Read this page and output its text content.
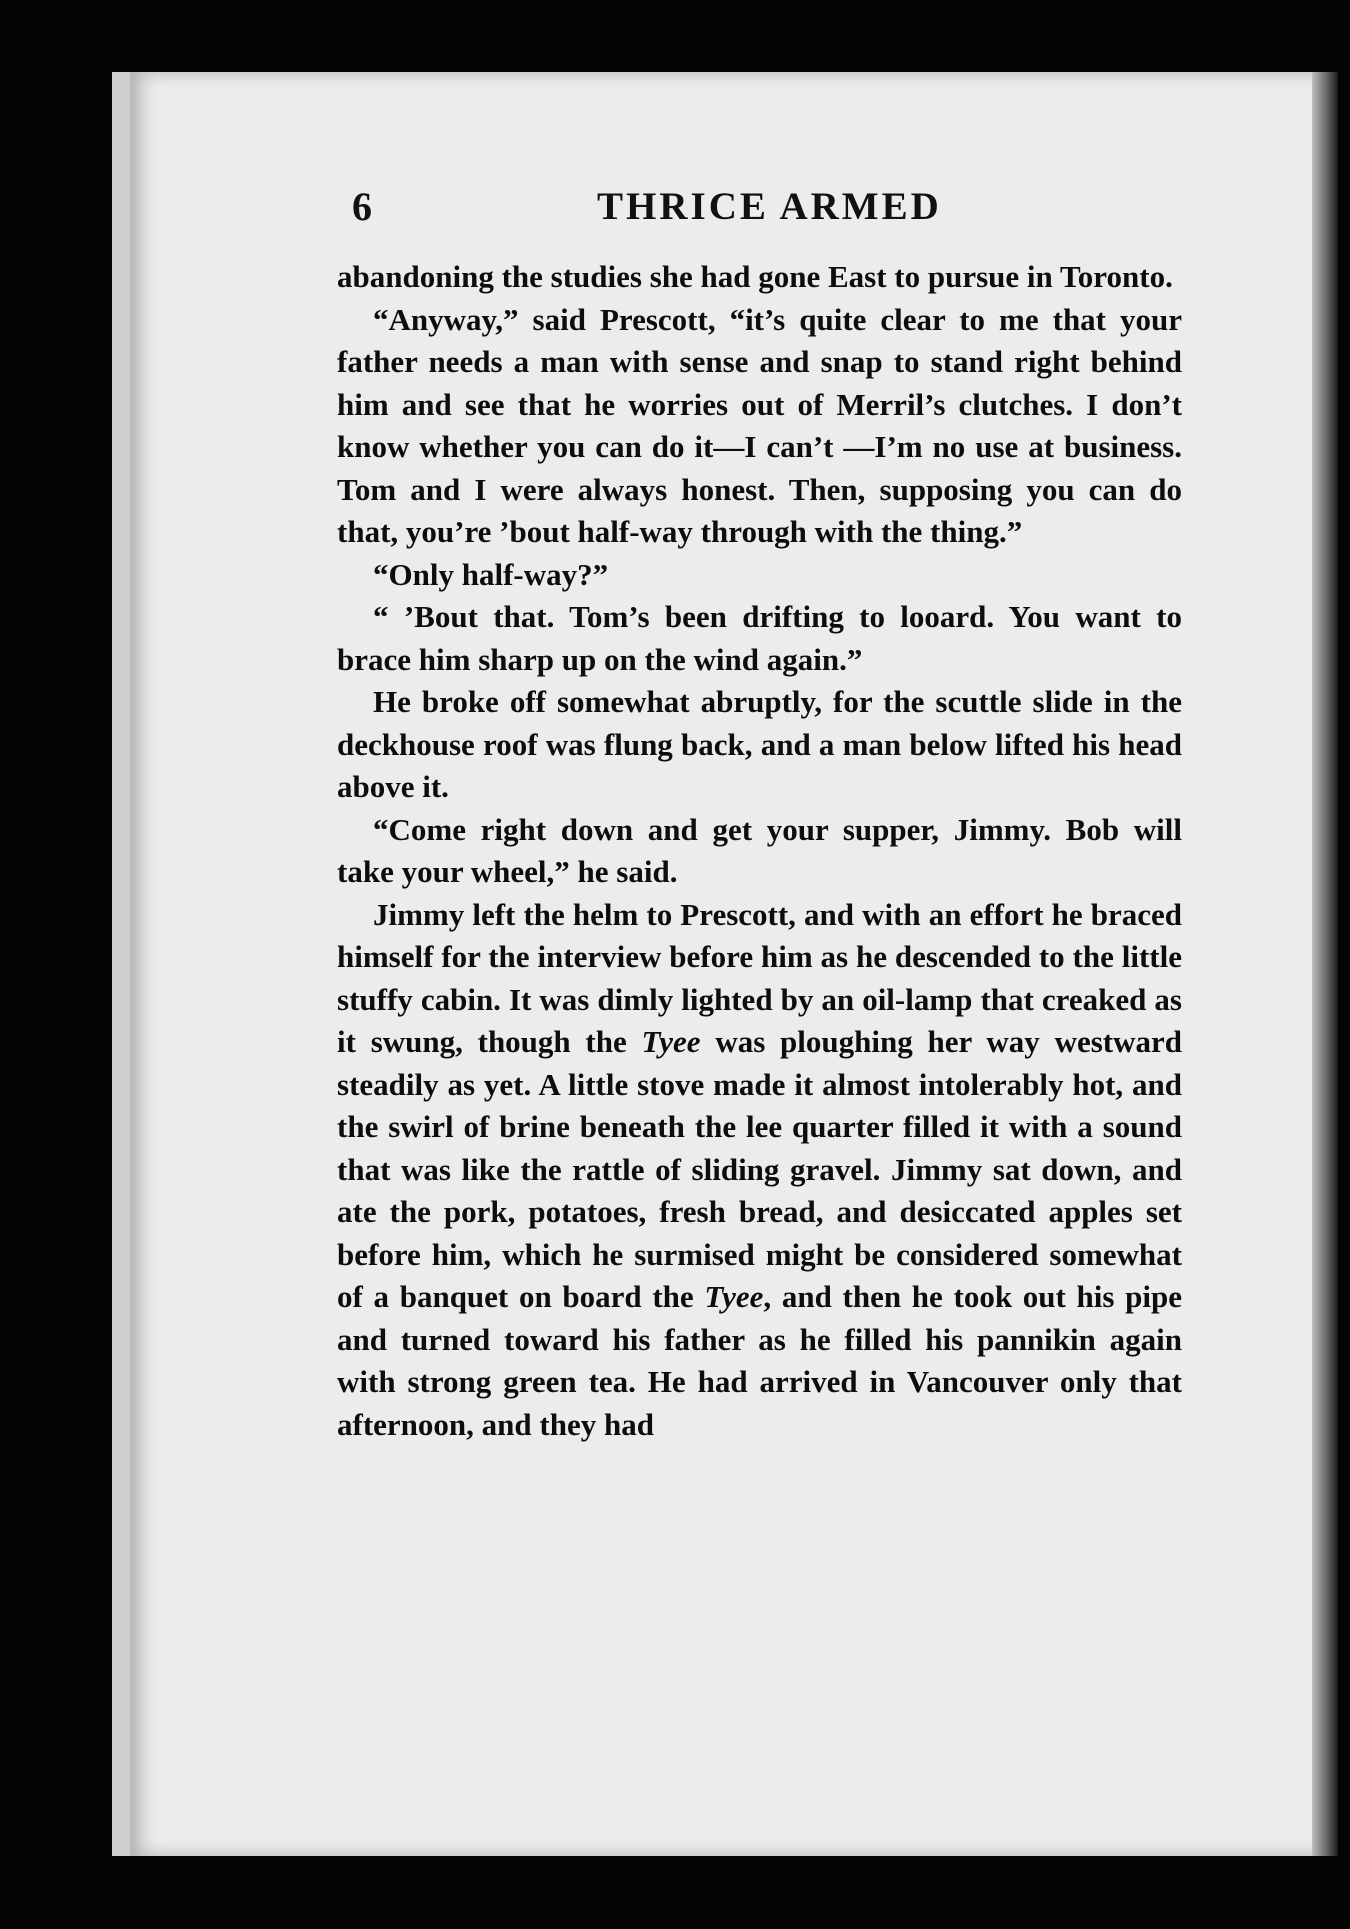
6	THRICE ARMED

abandoning the studies she had gone East to pursue in Toronto.

“Anyway,” said Prescott, “it’s quite clear to me that your father needs a man with sense and snap to stand right behind him and see that he worries out of Merril’s clutches. I don’t know whether you can do it—I can’t —I’m no use at business. Tom and I were always honest. Then, supposing you can do that, you’re ’bout half-way through with the thing.”

“Only half-way?”

“ ’Bout that. Tom’s been drifting to looard. You want to brace him sharp up on the wind again.”

He broke off somewhat abruptly, for the scuttle slide in the deckhouse roof was flung back, and a man below lifted his head above it.

“Come right down and get your supper, Jimmy. Bob will take your wheel,” he said.

Jimmy left the helm to Prescott, and with an effort he braced himself for the interview before him as he descended to the little stuffy cabin. It was dimly lighted by an oil-lamp that creaked as it swung, though the Tyee was ploughing her way westward steadily as yet. A little stove made it almost intolerably hot, and the swirl of brine beneath the lee quarter filled it with a sound that was like the rattle of sliding gravel. Jimmy sat down, and ate the pork, potatoes, fresh bread, and desiccated apples set before him, which he surmised might be considered somewhat of a banquet on board the Tyee, and then he took out his pipe and turned toward his father as he filled his pannikin again with strong green tea. He had arrived in Vancouver only that afternoon, and they had
